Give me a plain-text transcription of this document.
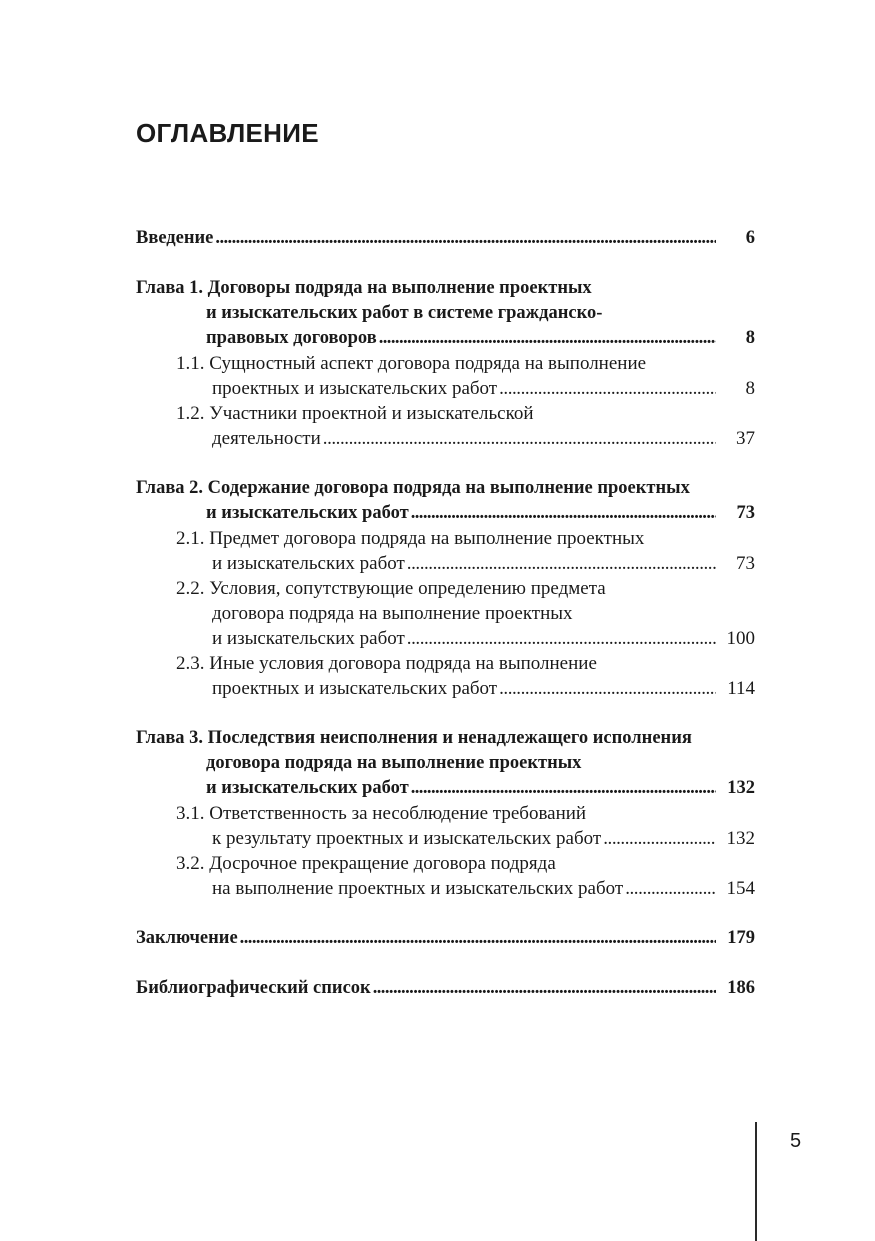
ОГЛАВЛЕНИЕ
Введение . . .	6
Глава 1. Договоры подряда на выполнение проектных
и изыскательских работ в системе гражданско-
правовых договоров . . .	8
1.1. Сущностный аспект договора подряда на выполнение
проектных и изыскательских работ . . .	8
1.2. Участники проектной и изыскательской
деятельности . . .	37
Глава 2. Содержание договора подряда на выполнение проектных
и изыскательских работ . . .	73
2.1. Предмет договора подряда на выполнение проектных
и изыскательских работ . . .	73
2.2. Условия, сопутствующие определению предмета
договора подряда на выполнение проектных
и изыскательских работ . . .	100
2.3. Иные условия договора подряда на выполнение
проектных и изыскательских работ . . .	114
Глава 3. Последствия неисполнения и ненадлежащего исполнения
договора подряда на выполнение проектных
и изыскательских работ . . .	132
3.1. Ответственность за несоблюдение требований
к результату проектных и изыскательских работ . . .	132
3.2. Досрочное прекращение договора подряда
на выполнение проектных и изыскательских работ . . .	154
Заключение . . .	179
Библиографический список . . .	186
5
